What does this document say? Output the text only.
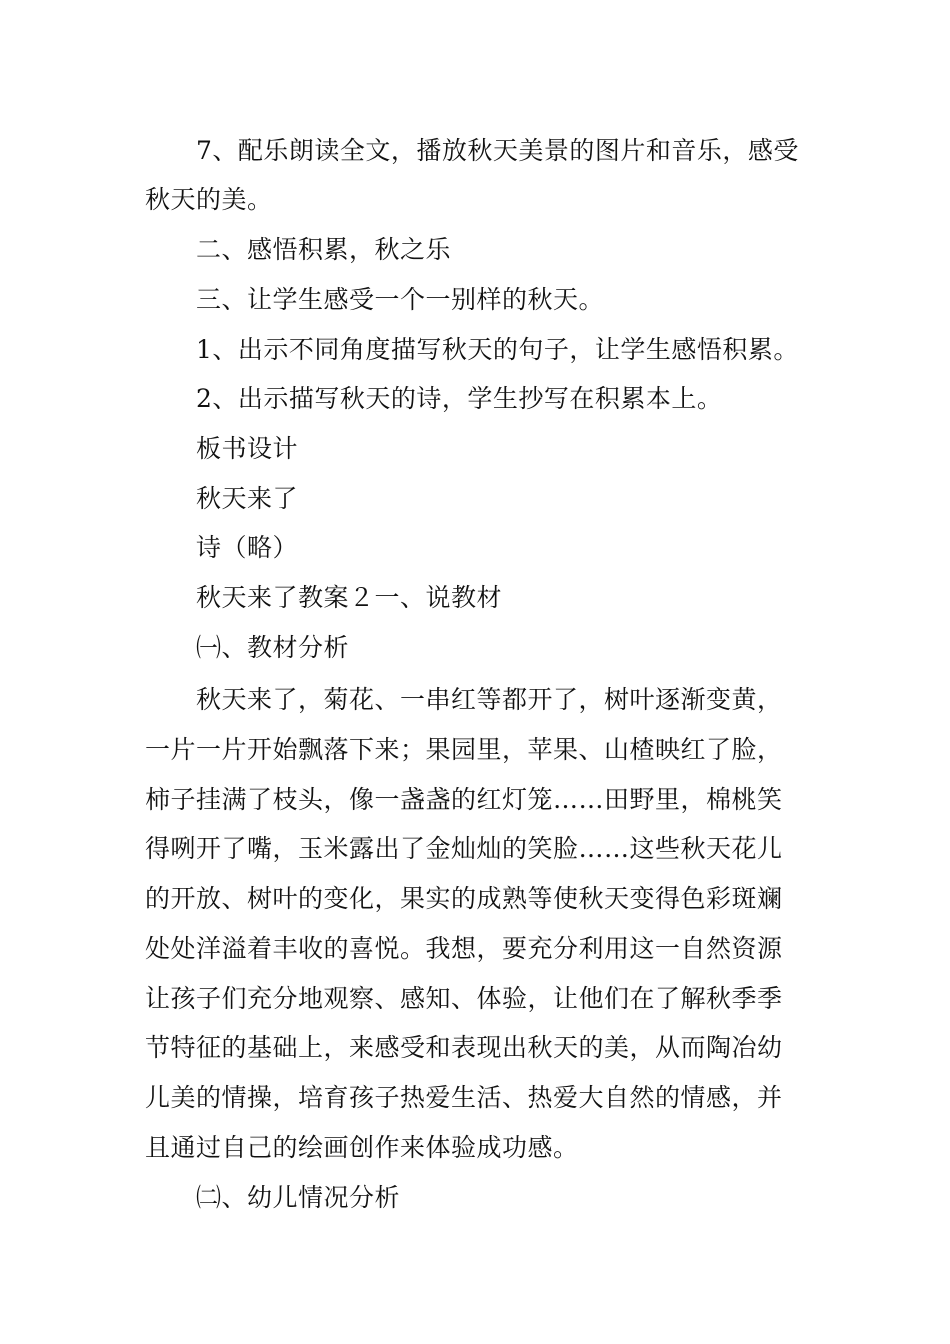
7、配乐朗读全文，播放秋天美景的图片和音乐，感受
秋天的美。
二、感悟积累，秋之乐
三、让学生感受一个一别样的秋天。
1、出示不同角度描写秋天的句子，让学生感悟积累。
2、出示描写秋天的诗，学生抄写在积累本上。
板书设计
秋天来了
诗（略）
秋天来了教案２一、说教材
㈠、教材分析
秋天来了，菊花、一串红等都开了，树叶逐渐变黄，
一片一片开始飘落下来；果园里，苹果、山楂映红了脸，
柿子挂满了枝头，像一盏盏的红灯笼……田野里，棉桃笑
得咧开了嘴，玉米露出了金灿灿的笑脸……这些秋天花儿
的开放、树叶的变化，果实的成熟等使秋天变得色彩斑斓
处处洋溢着丰收的喜悦。我想，要充分利用这一自然资源
让孩子们充分地观察、感知、体验，让他们在了解秋季季
节特征的基础上，来感受和表现出秋天的美，从而陶冶幼
儿美的情操，培育孩子热爱生活、热爱大自然的情感，并
且通过自己的绘画创作来体验成功感。
㈡、幼儿情况分析
